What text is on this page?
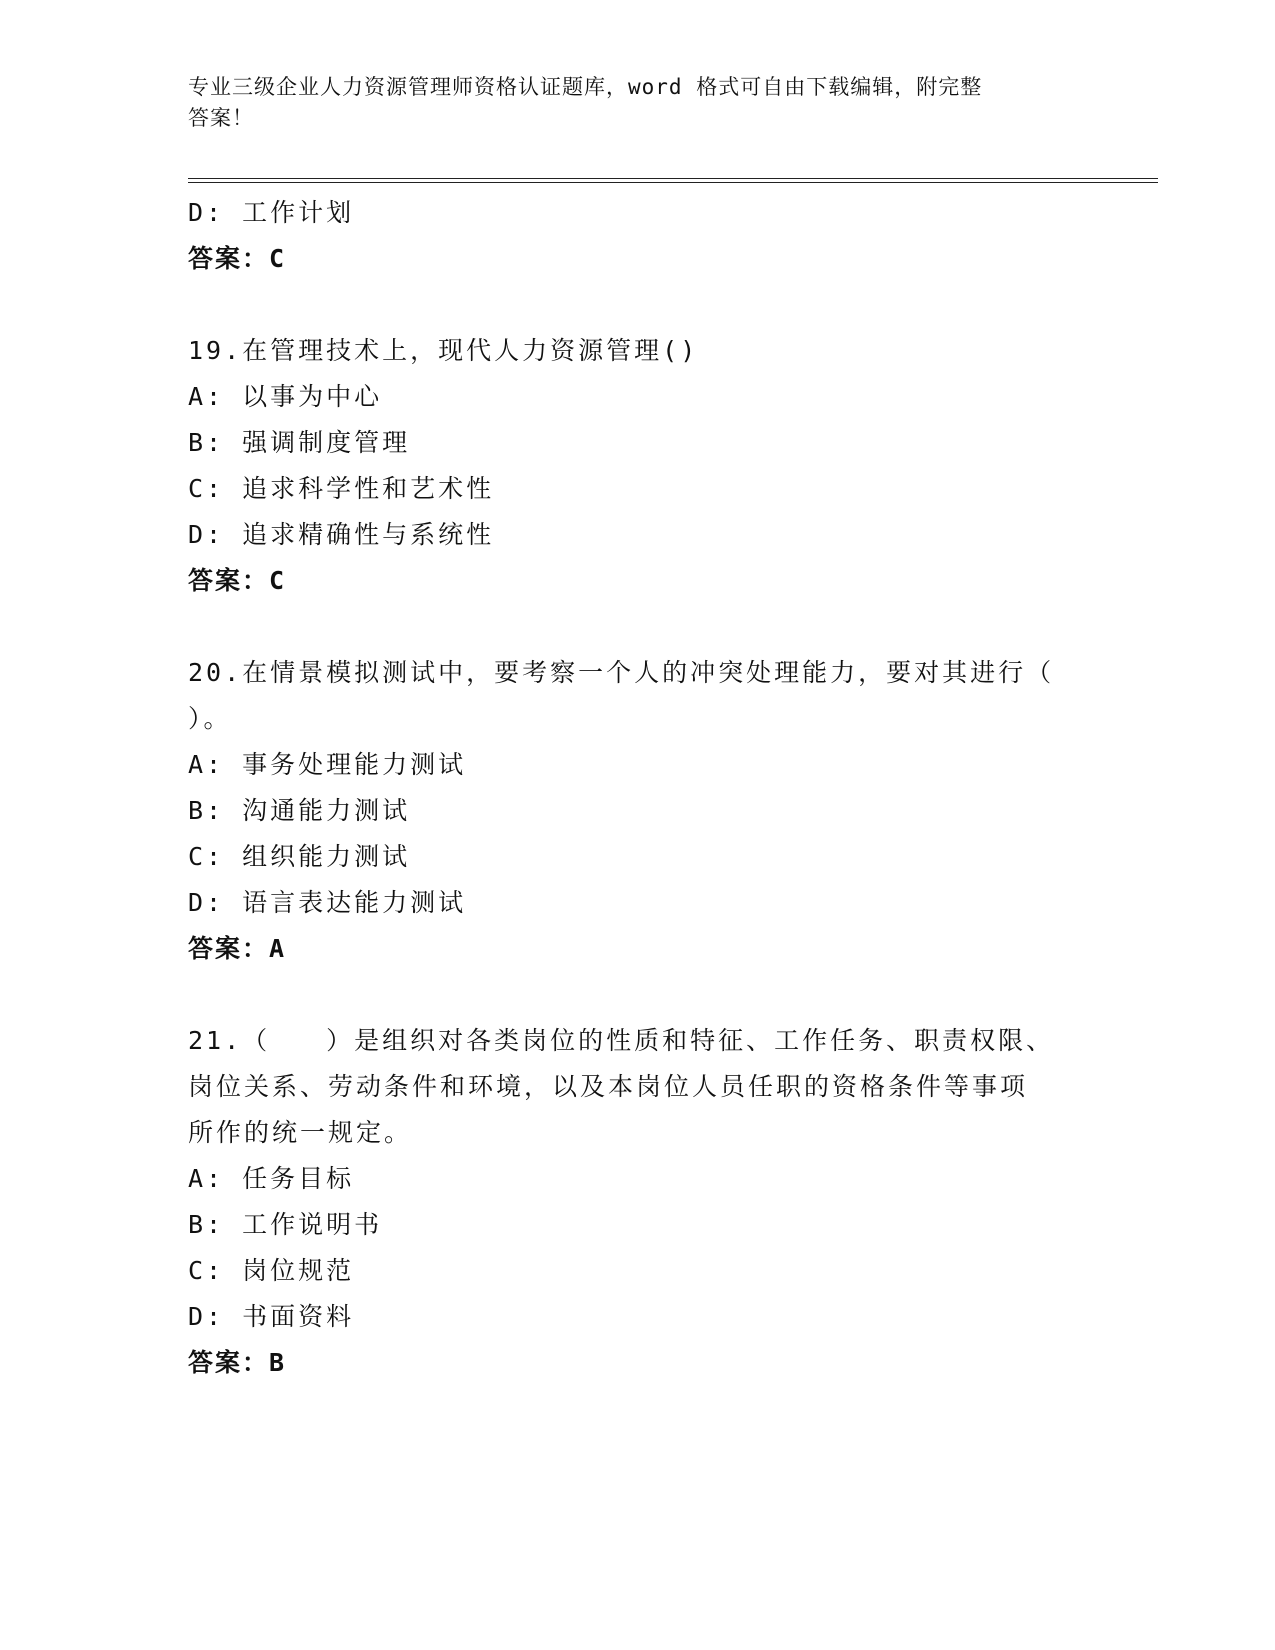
专业三级企业人力资源管理师资格认证题库，word 格式可自由下载编辑，附完整
答案！
D: 工作计划
答案：C
19.在管理技术上，现代人力资源管理()
A: 以事为中心
B: 强调制度管理
C: 追求科学性和艺术性
D: 追求精确性与系统性
答案：C
20.在情景模拟测试中，要考察一个人的冲突处理能力，要对其进行（
）。
A: 事务处理能力测试
B: 沟通能力测试
C: 组织能力测试
D: 语言表达能力测试
答案：A
21.（　　）是组织对各类岗位的性质和特征、工作任务、职责权限、
岗位关系、劳动条件和环境，以及本岗位人员任职的资格条件等事项
所作的统一规定。
A: 任务目标
B: 工作说明书
C: 岗位规范
D: 书面资料
答案：B
